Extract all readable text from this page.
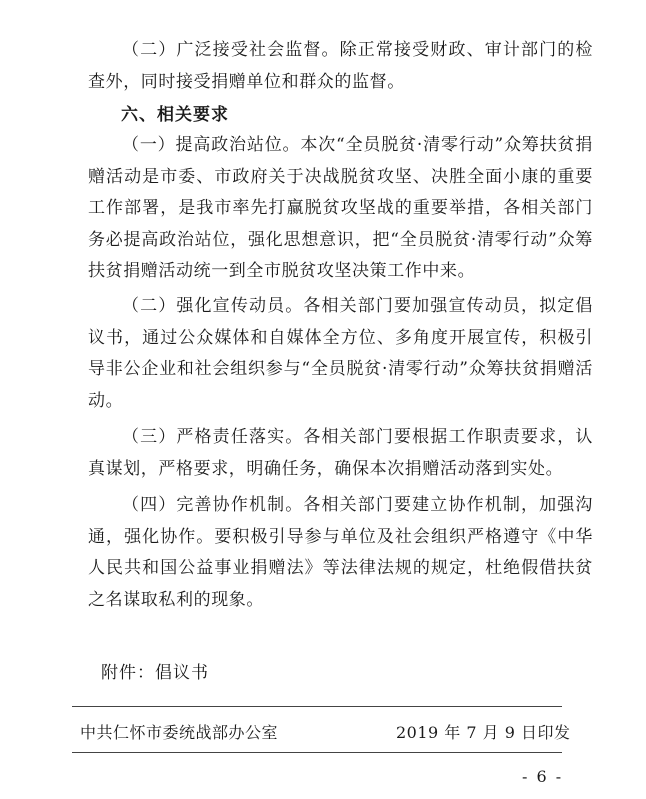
（二）广泛接受社会监督。除正常接受财政、审计部门的检查外，同时接受捐赠单位和群众的监督。

六、相关要求

（一）提高政治站位。本次“全员脱贫·清零行动”众筹扶贫捐赠活动是市委、市政府关于决战脱贫攻坚、决胜全面小康的重要工作部署，是我市率先打赢脱贫攻坚战的重要举措，各相关部门务必提高政治站位，强化思想意识，把“全员脱贫·清零行动”众筹扶贫捐赠活动统一到全市脱贫攻坚决策工作中来。

（二）强化宣传动员。各相关部门要加强宣传动员，拟定倡议书，通过公众媒体和自媒体全方位、多角度开展宣传，积极引导非公企业和社会组织参与“全员脱贫·清零行动”众筹扶贫捐赠活动。

（三）严格责任落实。各相关部门要根据工作职责要求，认真谋划，严格要求，明确任务，确保本次捐赠活动落到实处。

（四）完善协作机制。各相关部门要建立协作机制，加强沟通，强化协作。要积极引导参与单位及社会组织严格遵守《中华人民共和国公益事业捐赠法》等法律法规的规定，杜绝假借扶贫之名谋取私利的现象。

附件：倡议书

中共仁怀市委统战部办公室	2019 年 7 月 9 日印发

- 6 -
